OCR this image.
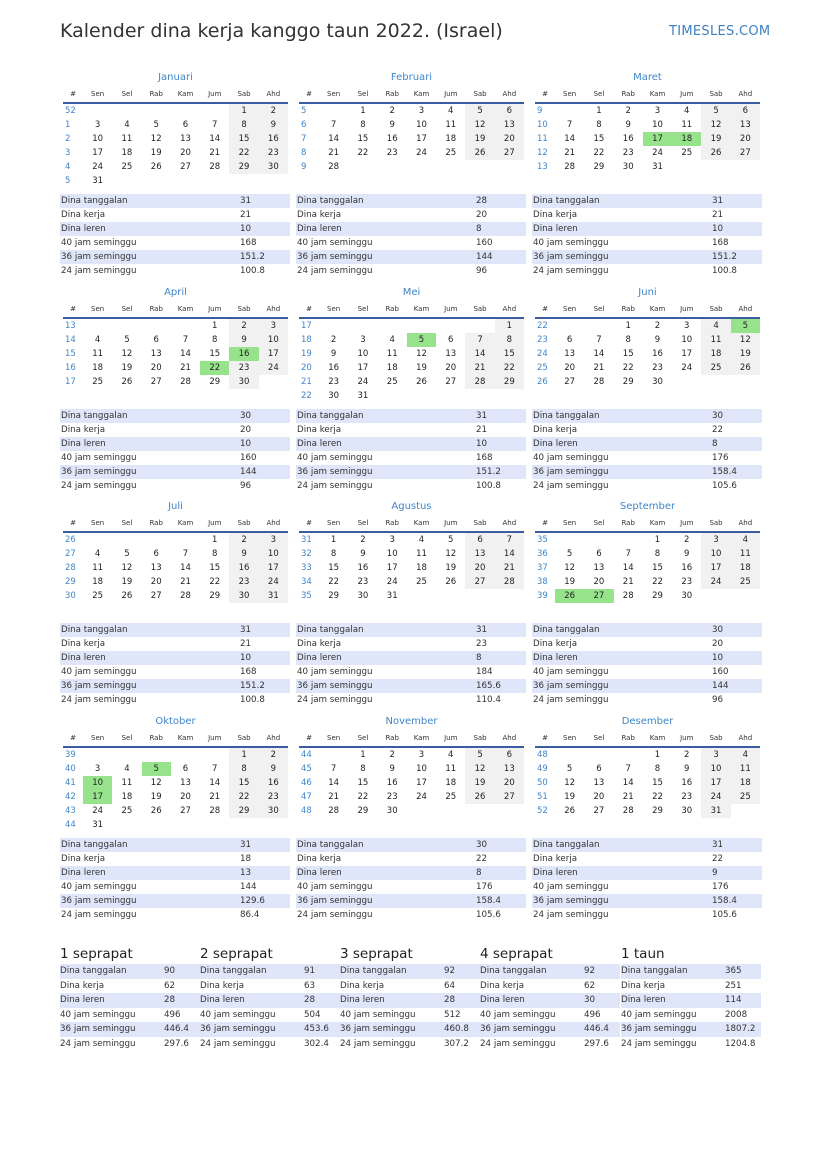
Kalender dina kerja kanggo taun 2022. (Israel)	TIMESLES.COM
Januari
#	Sen	Sel	Rab	Kam	Jum	Sab	Ahd
52						1	2
1	3	4	5	6	7	8	9
2	10	11	12	13	14	15	16
3	17	18	19	20	21	22	23
4	24	25	26	27	28	29	30
5	31						
Dina tanggalan	31
Dina kerja	21
Dina leren	10
40 jam seminggu	168
36 jam seminggu	151.2
24 jam seminggu	100.8
Februari
#	Sen	Sel	Rab	Kam	Jum	Sab	Ahd
5		1	2	3	4	5	6
6	7	8	9	10	11	12	13
7	14	15	16	17	18	19	20
8	21	22	23	24	25	26	27
9	28						
Dina tanggalan	28
Dina kerja	20
Dina leren	8
40 jam seminggu	160
36 jam seminggu	144
24 jam seminggu	96
Maret
#	Sen	Sel	Rab	Kam	Jum	Sab	Ahd
9		1	2	3	4	5	6
10	7	8	9	10	11	12	13
11	14	15	16	17	18	19	20
12	21	22	23	24	25	26	27
13	28	29	30	31			
Dina tanggalan	31
Dina kerja	21
Dina leren	10
40 jam seminggu	168
36 jam seminggu	151.2
24 jam seminggu	100.8
April
#	Sen	Sel	Rab	Kam	Jum	Sab	Ahd
13					1	2	3
14	4	5	6	7	8	9	10
15	11	12	13	14	15	16	17
16	18	19	20	21	22	23	24
17	25	26	27	28	29	30	
Dina tanggalan	30
Dina kerja	20
Dina leren	10
40 jam seminggu	160
36 jam seminggu	144
24 jam seminggu	96
Mei
#	Sen	Sel	Rab	Kam	Jum	Sab	Ahd
17							1
18	2	3	4	5	6	7	8
19	9	10	11	12	13	14	15
20	16	17	18	19	20	21	22
21	23	24	25	26	27	28	29
22	30	31					
Dina tanggalan	31
Dina kerja	21
Dina leren	10
40 jam seminggu	168
36 jam seminggu	151.2
24 jam seminggu	100.8
Juni
#	Sen	Sel	Rab	Kam	Jum	Sab	Ahd
22			1	2	3	4	5
23	6	7	8	9	10	11	12
24	13	14	15	16	17	18	19
25	20	21	22	23	24	25	26
26	27	28	29	30			
Dina tanggalan	30
Dina kerja	22
Dina leren	8
40 jam seminggu	176
36 jam seminggu	158.4
24 jam seminggu	105.6
Juli
#	Sen	Sel	Rab	Kam	Jum	Sab	Ahd
26					1	2	3
27	4	5	6	7	8	9	10
28	11	12	13	14	15	16	17
29	18	19	20	21	22	23	24
30	25	26	27	28	29	30	31
Dina tanggalan	31
Dina kerja	21
Dina leren	10
40 jam seminggu	168
36 jam seminggu	151.2
24 jam seminggu	100.8
Agustus
#	Sen	Sel	Rab	Kam	Jum	Sab	Ahd
31	1	2	3	4	5	6	7
32	8	9	10	11	12	13	14
33	15	16	17	18	19	20	21
34	22	23	24	25	26	27	28
35	29	30	31				
Dina tanggalan	31
Dina kerja	23
Dina leren	8
40 jam seminggu	184
36 jam seminggu	165.6
24 jam seminggu	110.4
September
#	Sen	Sel	Rab	Kam	Jum	Sab	Ahd
35				1	2	3	4
36	5	6	7	8	9	10	11
37	12	13	14	15	16	17	18
38	19	20	21	22	23	24	25
39	26	27	28	29	30		
Dina tanggalan	30
Dina kerja	20
Dina leren	10
40 jam seminggu	160
36 jam seminggu	144
24 jam seminggu	96
Oktober
#	Sen	Sel	Rab	Kam	Jum	Sab	Ahd
39						1	2
40	3	4	5	6	7	8	9
41	10	11	12	13	14	15	16
42	17	18	19	20	21	22	23
43	24	25	26	27	28	29	30
44	31						
Dina tanggalan	31
Dina kerja	18
Dina leren	13
40 jam seminggu	144
36 jam seminggu	129.6
24 jam seminggu	86.4
November
#	Sen	Sel	Rab	Kam	Jum	Sab	Ahd
44		1	2	3	4	5	6
45	7	8	9	10	11	12	13
46	14	15	16	17	18	19	20
47	21	22	23	24	25	26	27
48	28	29	30				
Dina tanggalan	30
Dina kerja	22
Dina leren	8
40 jam seminggu	176
36 jam seminggu	158.4
24 jam seminggu	105.6
Desember
#	Sen	Sel	Rab	Kam	Jum	Sab	Ahd
48				1	2	3	4
49	5	6	7	8	9	10	11
50	12	13	14	15	16	17	18
51	19	20	21	22	23	24	25
52	26	27	28	29	30	31	
Dina tanggalan	31
Dina kerja	22
Dina leren	9
40 jam seminggu	176
36 jam seminggu	158.4
24 jam seminggu	105.6
1 seprapat
Dina tanggalan	90
Dina kerja	62
Dina leren	28
40 jam seminggu	496
36 jam seminggu	446.4
24 jam seminggu	297.6
2 seprapat
Dina tanggalan	91
Dina kerja	63
Dina leren	28
40 jam seminggu	504
36 jam seminggu	453.6
24 jam seminggu	302.4
3 seprapat
Dina tanggalan	92
Dina kerja	64
Dina leren	28
40 jam seminggu	512
36 jam seminggu	460.8
24 jam seminggu	307.2
4 seprapat
Dina tanggalan	92
Dina kerja	62
Dina leren	30
40 jam seminggu	496
36 jam seminggu	446.4
24 jam seminggu	297.6
1 taun
Dina tanggalan	365
Dina kerja	251
Dina leren	114
40 jam seminggu	2008
36 jam seminggu	1807.2
24 jam seminggu	1204.8
